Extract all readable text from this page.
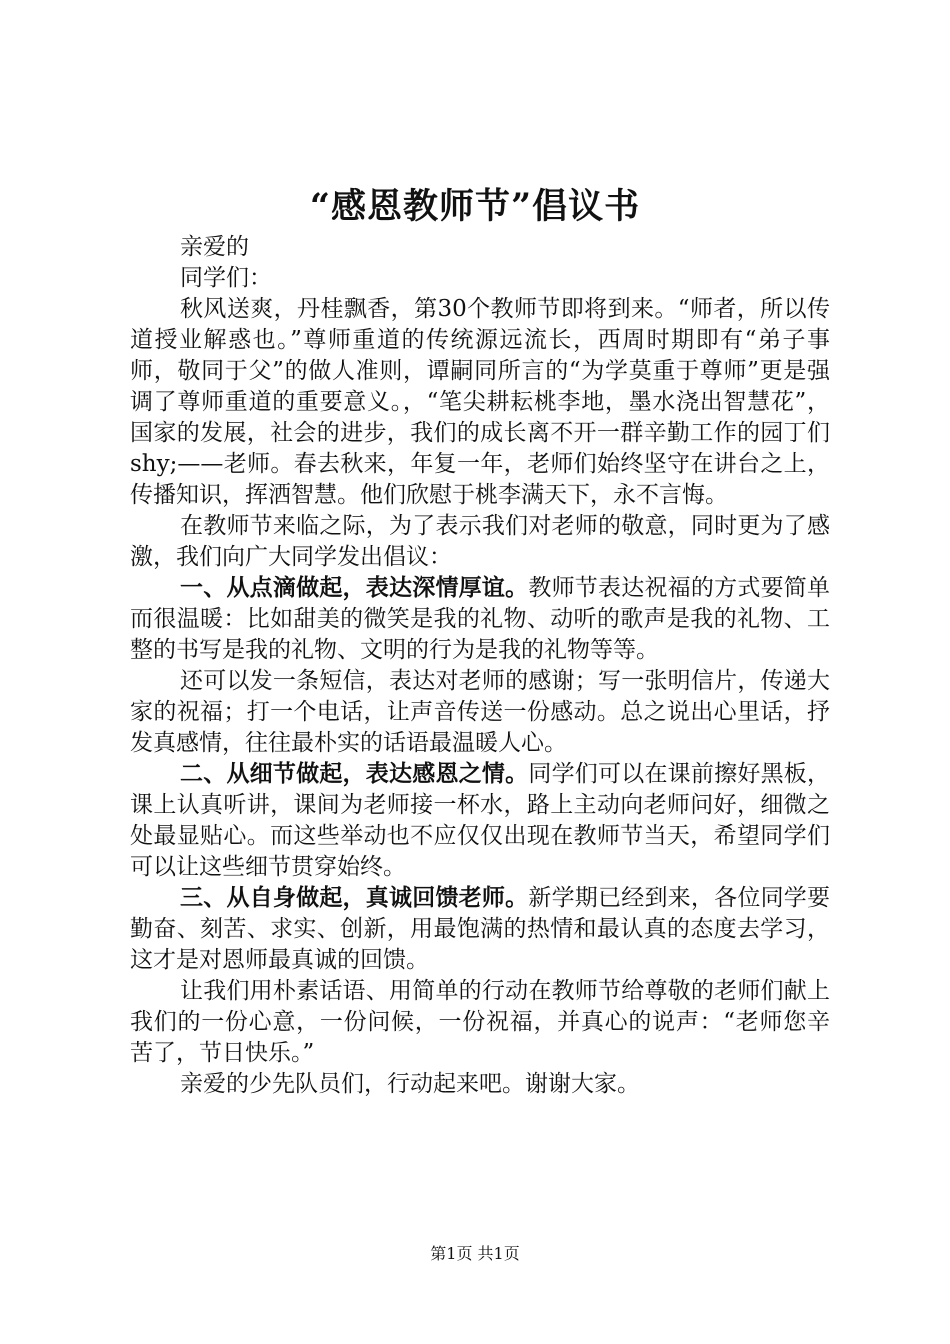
“感恩教师节”倡议书

亲爱的

同学们：

秋风送爽，丹桂飘香，第30个教师节即将到来。“师者，所以传道授业解惑也。”尊师重道的传统源远流长，西周时期即有“弟子事师，敬同于父”的做人准则，谭嗣同所言的“为学莫重于尊师”更是强调了尊师重道的重要意义。，“笔尖耕耘桃李地，墨水浇出智慧花”，国家的发展，社会的进步，我们的成长离不开一群辛勤工作的园丁们shy;——老师。春去秋来，年复一年，老师们始终坚守在讲台之上，传播知识，挥洒智慧。他们欣慰于桃李满天下，永不言悔。

在教师节来临之际，为了表示我们对老师的敬意，同时更为了感激，我们向广大同学发出倡议：

一、从点滴做起，表达深情厚谊。教师节表达祝福的方式要简单而很温暖：比如甜美的微笑是我的礼物、动听的歌声是我的礼物、工整的书写是我的礼物、文明的行为是我的礼物等等。

还可以发一条短信，表达对老师的感谢；写一张明信片，传递大家的祝福；打一个电话，让声音传送一份感动。总之说出心里话，抒发真感情，往往最朴实的话语最温暖人心。

二、从细节做起，表达感恩之情。同学们可以在课前擦好黑板，课上认真听讲，课间为老师接一杯水，路上主动向老师问好，细微之处最显贴心。而这些举动也不应仅仅出现在教师节当天，希望同学们可以让这些细节贯穿始终。

三、从自身做起，真诚回馈老师。新学期已经到来，各位同学要勤奋、刻苦、求实、创新，用最饱满的热情和最认真的态度去学习，这才是对恩师最真诚的回馈。

让我们用朴素话语、用简单的行动在教师节给尊敬的老师们献上我们的一份心意，一份问候，一份祝福，并真心的说声：“老师您辛苦了，节日快乐。”

亲爱的少先队员们，行动起来吧。谢谢大家。

第1页 共1页
